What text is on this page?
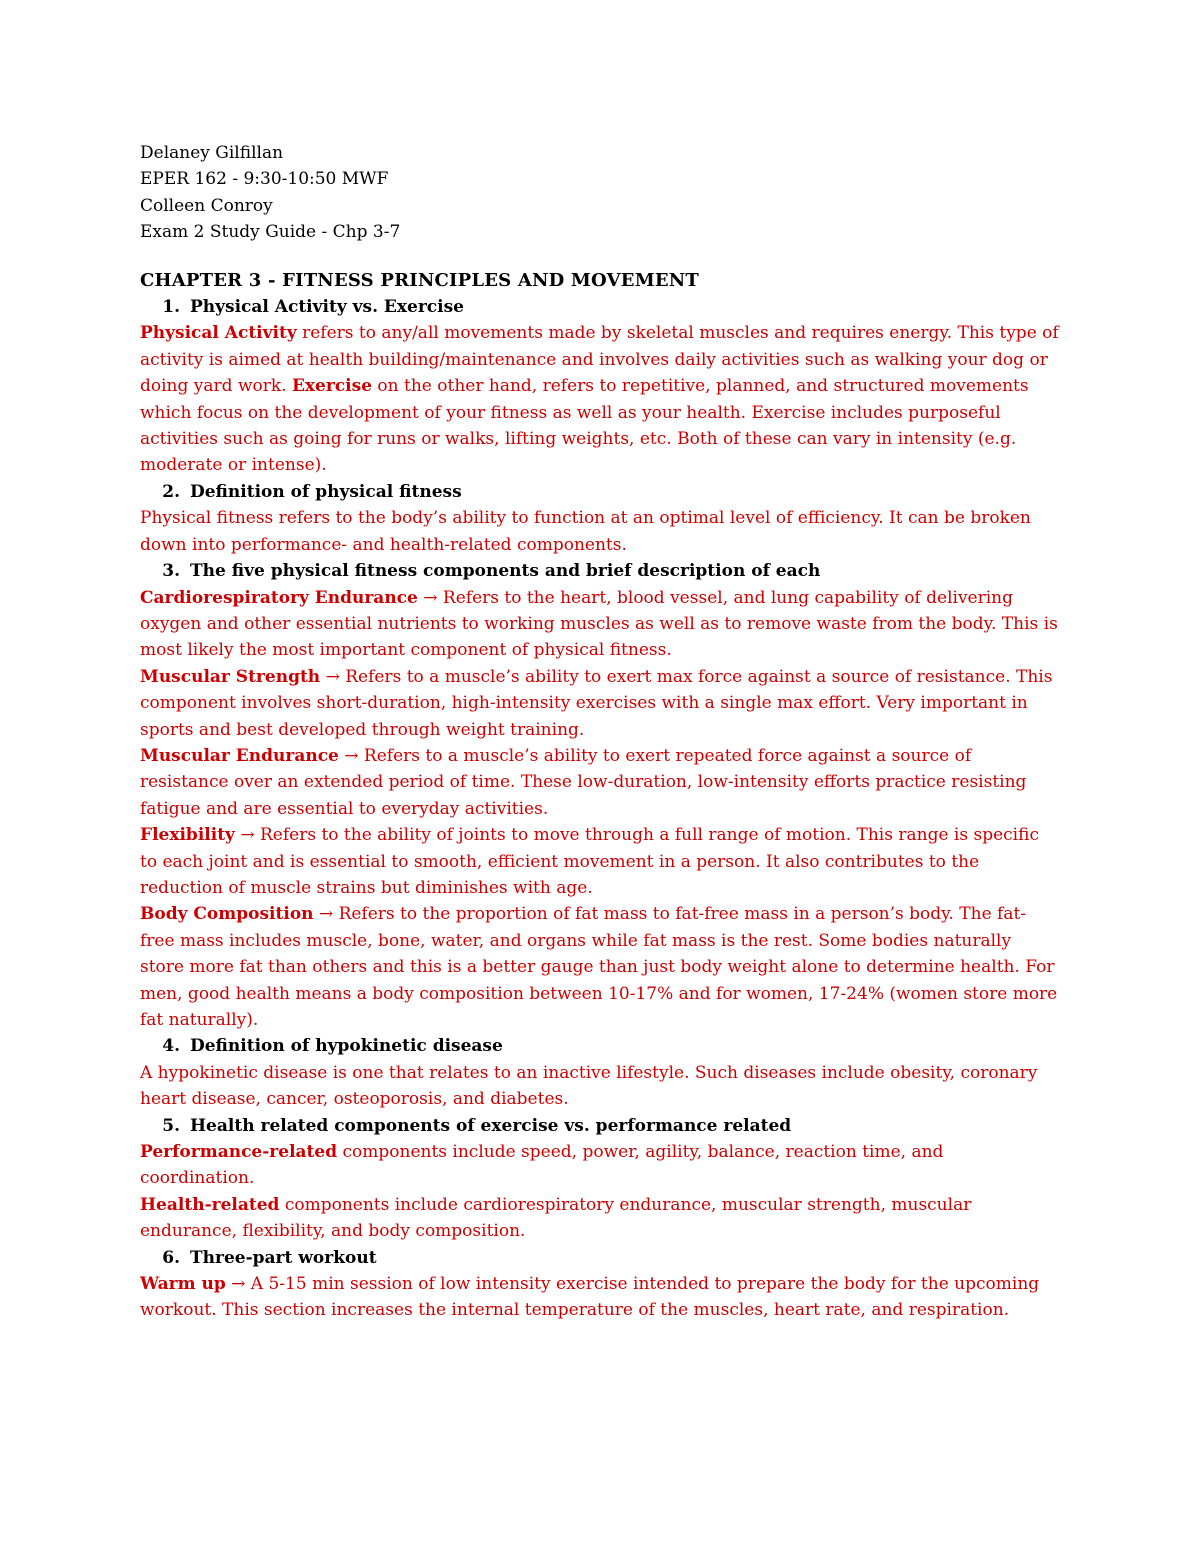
Delaney Gilfillan
EPER 162 - 9:30-10:50 MWF
Colleen Conroy
Exam 2 Study Guide - Chp 3-7
CHAPTER 3 - FITNESS PRINCIPLES AND MOVEMENT
1. Physical Activity vs. Exercise
Physical Activity refers to any/all movements made by skeletal muscles and requires energy. This type of activity is aimed at health building/maintenance and involves daily activities such as walking your dog or doing yard work. Exercise on the other hand, refers to repetitive, planned, and structured movements which focus on the development of your fitness as well as your health. Exercise includes purposeful activities such as going for runs or walks, lifting weights, etc. Both of these can vary in intensity (e.g. moderate or intense).
2. Definition of physical fitness
Physical fitness refers to the body’s ability to function at an optimal level of efficiency. It can be broken down into performance- and health-related components.
3. The five physical fitness components and brief description of each
Cardiorespiratory Endurance → Refers to the heart, blood vessel, and lung capability of delivering oxygen and other essential nutrients to working muscles as well as to remove waste from the body. This is most likely the most important component of physical fitness.
Muscular Strength → Refers to a muscle’s ability to exert max force against a source of resistance. This component involves short-duration, high-intensity exercises with a single max effort. Very important in sports and best developed through weight training.
Muscular Endurance → Refers to a muscle’s ability to exert repeated force against a source of resistance over an extended period of time. These low-duration, low-intensity efforts practice resisting fatigue and are essential to everyday activities.
Flexibility → Refers to the ability of joints to move through a full range of motion. This range is specific to each joint and is essential to smooth, efficient movement in a person. It also contributes to the reduction of muscle strains but diminishes with age.
Body Composition → Refers to the proportion of fat mass to fat-free mass in a person’s body. The fat-free mass includes muscle, bone, water, and organs while fat mass is the rest. Some bodies naturally store more fat than others and this is a better gauge than just body weight alone to determine health. For men, good health means a body composition between 10-17% and for women, 17-24% (women store more fat naturally).
4. Definition of hypokinetic disease
A hypokinetic disease is one that relates to an inactive lifestyle. Such diseases include obesity, coronary heart disease, cancer, osteoporosis, and diabetes.
5. Health related components of exercise vs. performance related
Performance-related components include speed, power, agility, balance, reaction time, and coordination.
Health-related components include cardiorespiratory endurance, muscular strength, muscular endurance, flexibility, and body composition.
6. Three-part workout
Warm up → A 5-15 min session of low intensity exercise intended to prepare the body for the upcoming workout. This section increases the internal temperature of the muscles, heart rate, and respiration.
